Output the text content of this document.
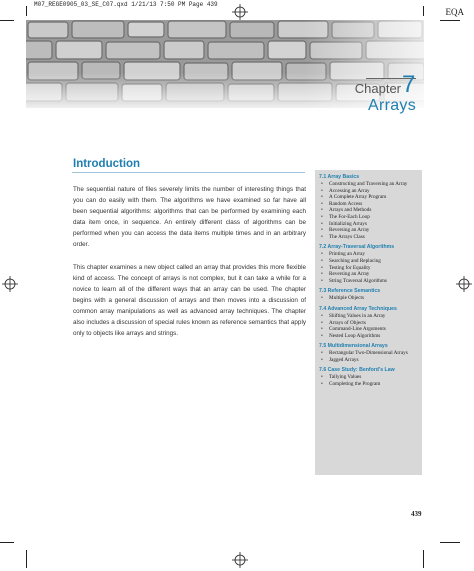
M07_REGE0905_03_SE_C07.qxd 1/21/13 7:50 PM Page 439
EQA
Chapter 7
Arrays
Introduction

The sequential nature of files severely limits the number of interesting things that you can do easily with them. The algorithms we have examined so far have all been sequential algorithms: algorithms that can be performed by examining each data item once, in sequence. An entirely different class of algorithms can be performed when you can access the data items multiple times and in an arbitrary order.

This chapter examines a new object called an array that provides this more flexible kind of access. The concept of arrays is not complex, but it can take a while for a novice to learn all of the different ways that an array can be used. The chapter begins with a general discussion of arrays and then moves into a discussion of common array manipulations as well as advanced array techniques. The chapter also includes a discussion of special rules known as reference semantics that apply only to objects like arrays and strings.

7.1 Array Basics
• Constructing and Traversing an Array
• Accessing an Array
• A Complete Array Program
• Random Access
• Arrays and Methods
• The For-Each Loop
• Initializing Arrays
• Reversing an Array
• The Arrays Class
7.2 Array-Traversal Algorithms
• Printing an Array
• Searching and Replacing
• Testing for Equality
• Reversing an Array
• String Traversal Algorithms
7.3 Reference Semantics
• Multiple Objects
7.4 Advanced Array Techniques
• Shifting Values in an Array
• Arrays of Objects
• Command-Line Arguments
• Nested Loop Algorithms
7.5 Multidimensional Arrays
• Rectangular Two-Dimensional Arrays
• Jagged Arrays
7.6 Case Study: Benford’s Law
• Tallying Values
• Completing the Program
439
